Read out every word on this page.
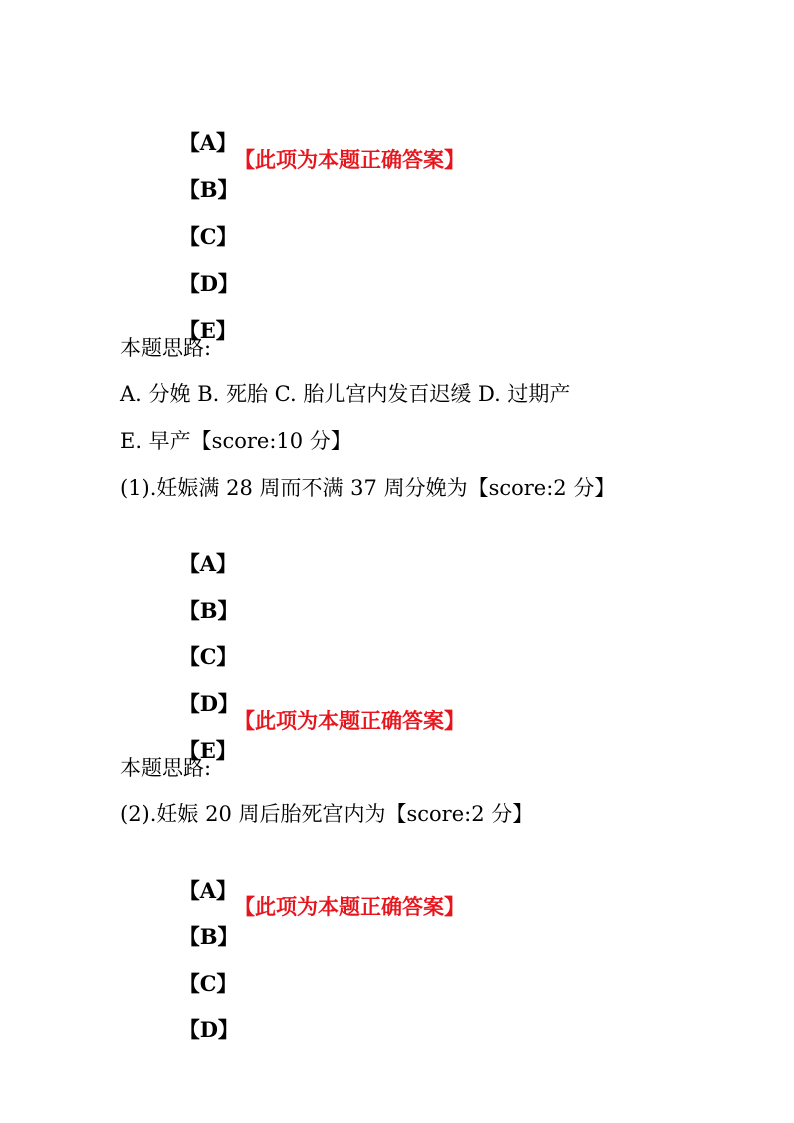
【A】

【B】

【此项为本题正确答案】

【C】

【D】

【E】

本题思路:
A. 分娩 B. 死胎 C. 胎儿宫内发百迟缓 D. 过期产
E. 早产【score:10 分】
(1).妊娠满 28 周而不满 37 周分娩为【score:2 分】

【A】

【B】

【C】

【D】

【E】

【此项为本题正确答案】

本题思路:
(2).妊娠 20 周后胎死宫内为【score:2 分】

【A】

【B】

【此项为本题正确答案】

【C】

【D】
